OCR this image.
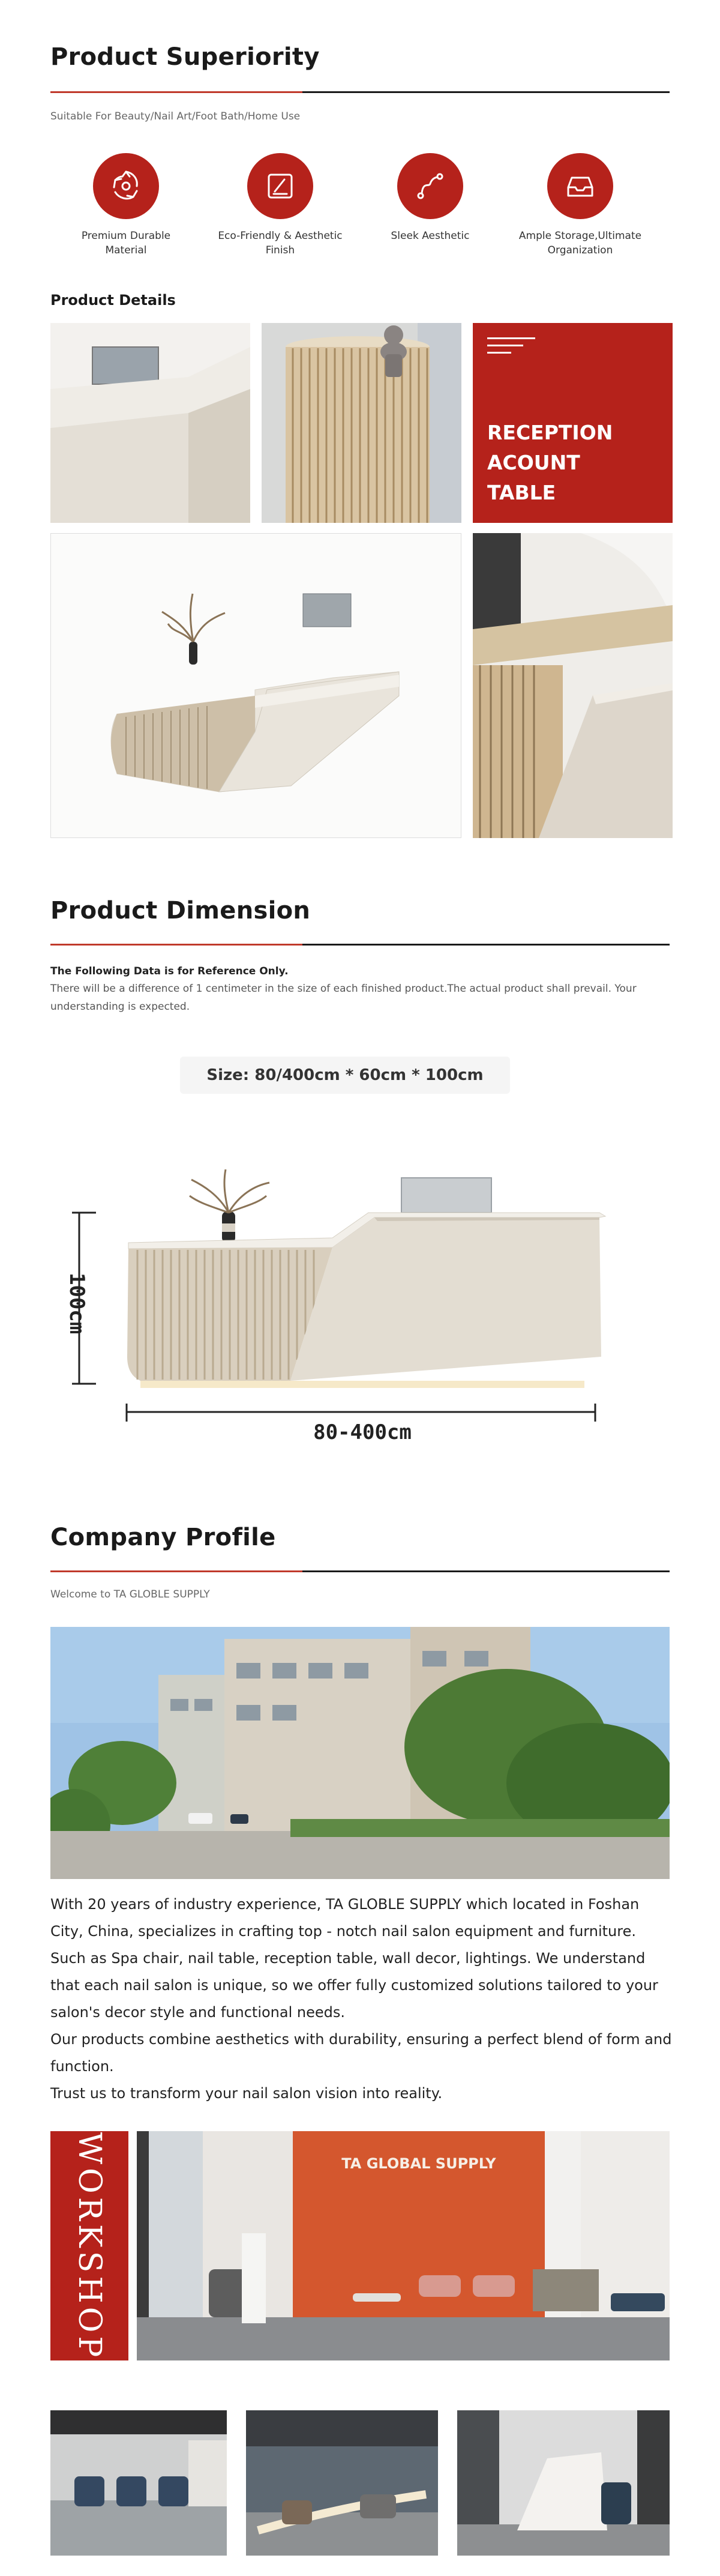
Product Superiority
Suitable For Beauty/Nail Art/Foot Bath/Home Use
Premium Durable Material
Eco-Friendly & Aesthetic Finish
Sleek Aesthetic	Ample Storage,Ultimate Organization
Product Details
RECEPTION ACOUNT TABLE
Product Dimension
The Following Data is for Reference Only.
There will be a difference of 1 centimeter in the size of each finished product.The actual product shall prevail. Your understanding is expected.
Size: 80/400cm * 60cm * 100cm
100cm
80-400cm
Company Profile
Welcome to TA GLOBLE SUPPLY
With 20 years of industry experience, TA GLOBLE SUPPLY which located in Foshan City, China, specializes in crafting top - notch nail salon equipment and furniture. Such as Spa chair, nail table, reception table, wall decor, lightings. We understand that each nail salon is unique, so we offer fully customized solutions tailored to your salon's decor style and functional needs.
Our products combine aesthetics with durability, ensuring a perfect blend of form and function.
Trust us to transform your nail salon vision into reality.
WORKSHOP	TA GLOBAL SUPPLY
